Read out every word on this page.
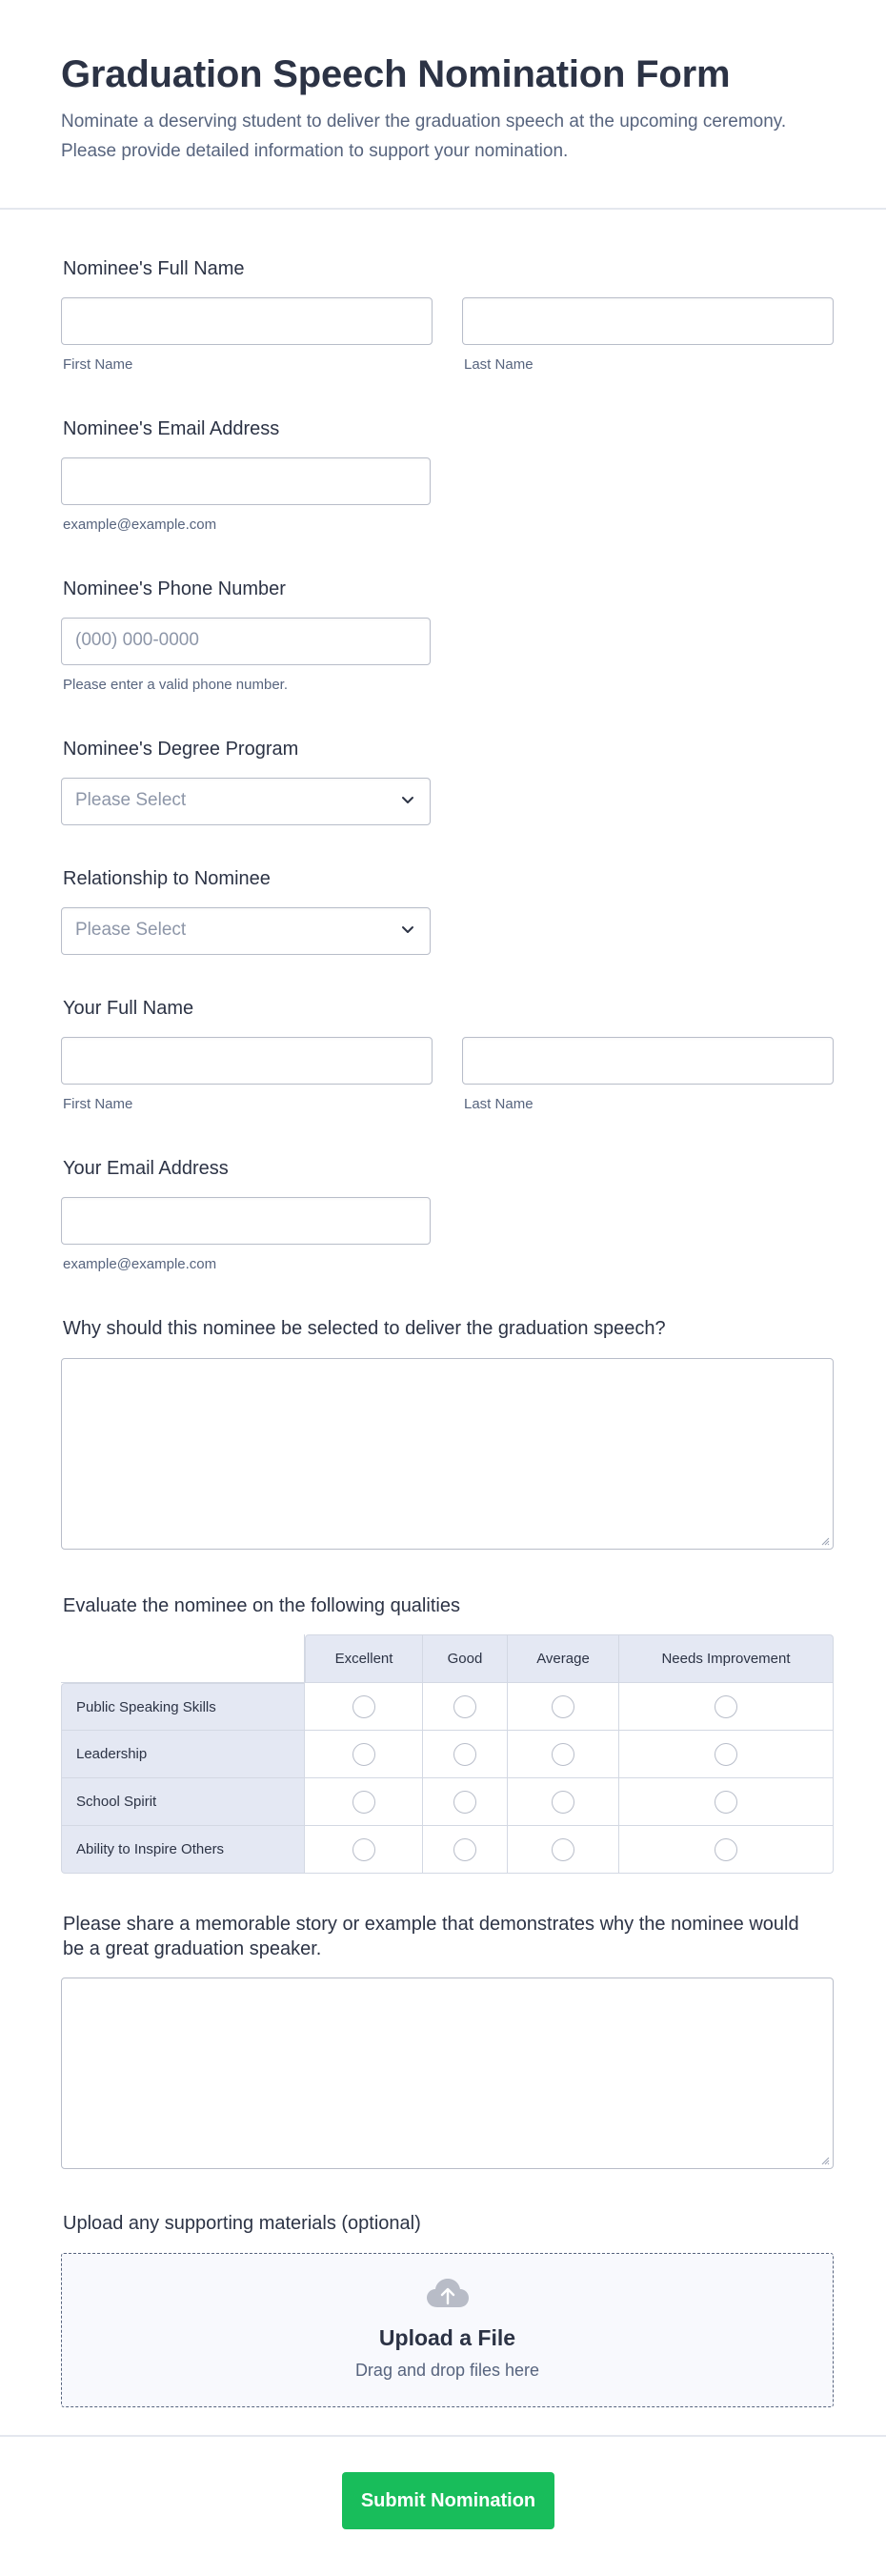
Graduation Speech Nomination Form

Nominate a deserving student to deliver the graduation speech at the upcoming ceremony. Please provide detailed information to support your nomination.

Nominee's Full Name
First Name	Last Name
Nominee's Email Address
example@example.com
Nominee's Phone Number
(000) 000-0000
Please enter a valid phone number.
Nominee's Degree Program
Please Select
Relationship to Nominee
Please Select
Your Full Name
First Name	Last Name
Your Email Address
example@example.com
Why should this nominee be selected to deliver the graduation speech?
Evaluate the nominee on the following qualities
	Excellent	Good	Average	Needs Improvement
Public Speaking Skills				
Leadership				
School Spirit				
Ability to Inspire Others				
Please share a memorable story or example that demonstrates why the nominee would be a great graduation speaker.
Upload any supporting materials (optional)
Upload a File
Drag and drop files here
Submit Nomination
